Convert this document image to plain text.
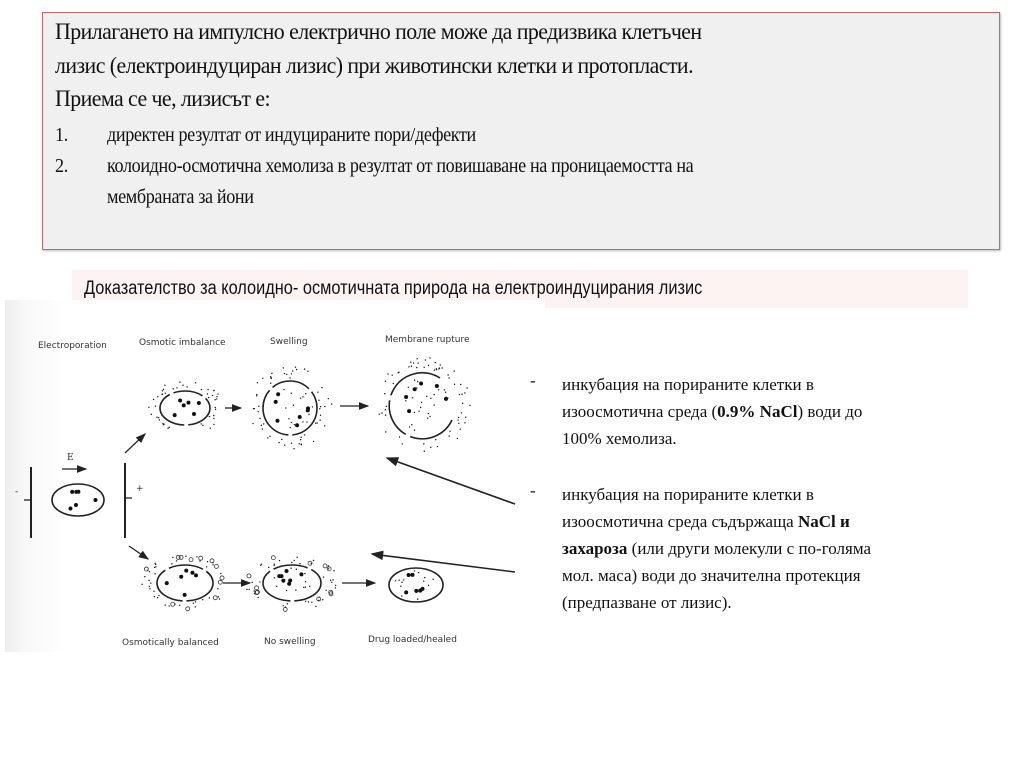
Прилагането на импулсно електрично поле може да предизвика клетъчен
лизис (електроиндуциран лизис) при животински клетки и протопласти.
Приема се че, лизисът е:
1. директен резултат от индуцираните пори/дефекти
2. колоидно-осмотична хемолиза в резултат от повишаване на проницаемостта на
мембраната за йони
Доказателство за колоидно- осмотичната природа на електроиндуцирания лизис
Electroporation	Osmotic imbalance	Swelling	Membrane rupture
Osmotically balanced	No swelling	Drug loaded/healed
E
-	+
- инкубация на порираните клетки в
изоосмотична среда (0.9% NaCl) води до
100% хемолиза.
- инкубация на порираните клетки в
изоосмотична среда съдържаща NaCl и
захароза (или други молекули с по-голяма
мол. маса) води до значителна протекция
(предпазване от лизис).
